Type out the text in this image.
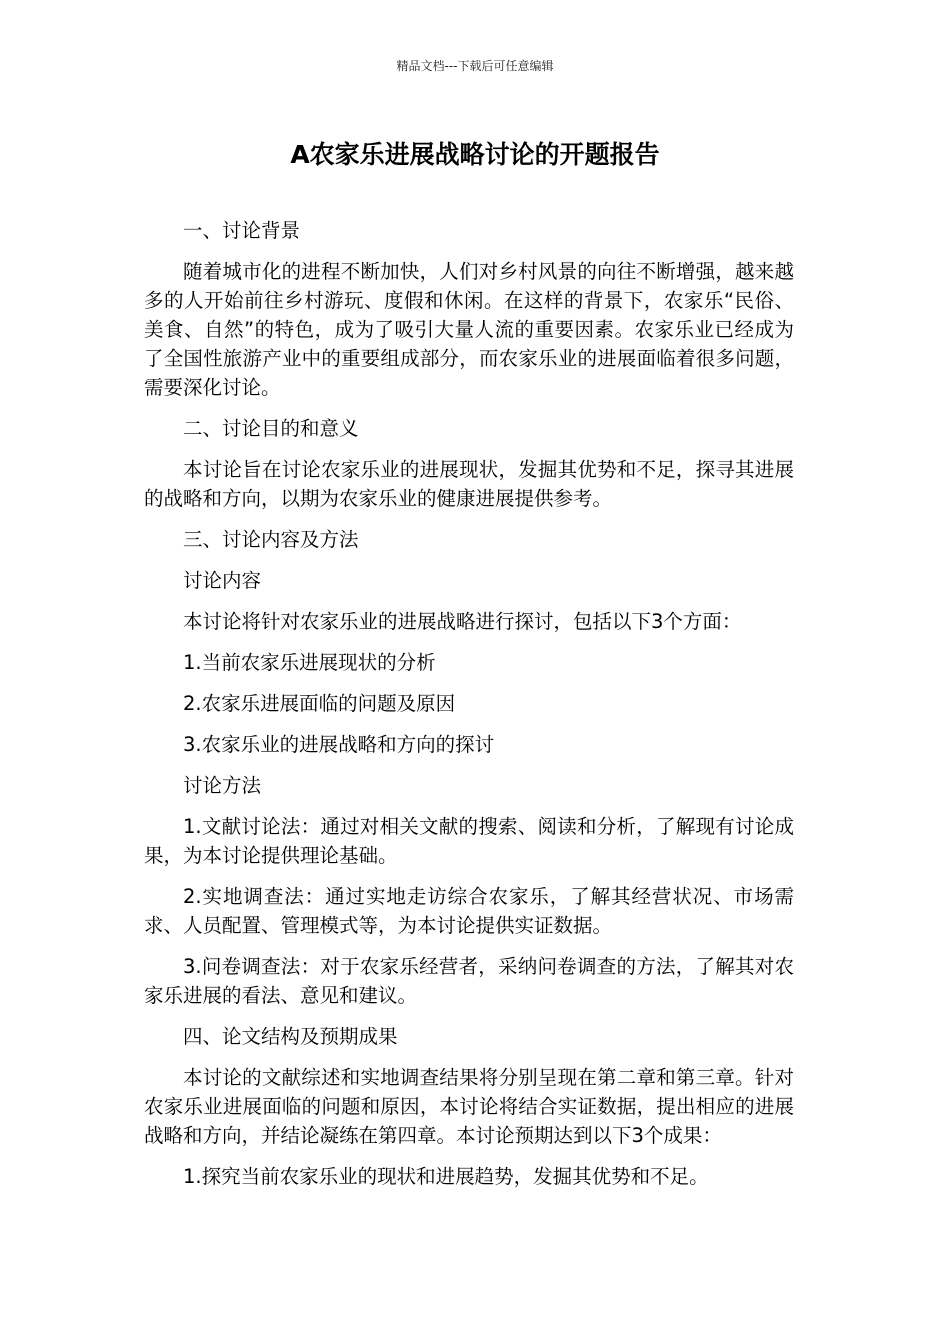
精品文档---下载后可任意编辑
A农家乐进展战略讨论的开题报告

一、讨论背景

随着城市化的进程不断加快，人们对乡村风景的向往不断增强，越来越多的人开始前往乡村游玩、度假和休闲。在这样的背景下，农家乐“民俗、美食、自然”的特色，成为了吸引大量人流的重要因素。农家乐业已经成为了全国性旅游产业中的重要组成部分，而农家乐业的进展面临着很多问题，需要深化讨论。

二、讨论目的和意义

本讨论旨在讨论农家乐业的进展现状，发掘其优势和不足，探寻其进展的战略和方向，以期为农家乐业的健康进展提供参考。

三、讨论内容及方法

讨论内容

本讨论将针对农家乐业的进展战略进行探讨，包括以下3个方面：

1.当前农家乐进展现状的分析

2.农家乐进展面临的问题及原因

3.农家乐业的进展战略和方向的探讨

讨论方法

1.文献讨论法：通过对相关文献的搜索、阅读和分析，了解现有讨论成果，为本讨论提供理论基础。

2.实地调查法：通过实地走访综合农家乐，了解其经营状况、市场需求、人员配置、管理模式等，为本讨论提供实证数据。

3.问卷调查法：对于农家乐经营者，采纳问卷调查的方法，了解其对农家乐进展的看法、意见和建议。

四、论文结构及预期成果

本讨论的文献综述和实地调查结果将分别呈现在第二章和第三章。针对农家乐业进展面临的问题和原因，本讨论将结合实证数据，提出相应的进展战略和方向，并结论凝练在第四章。本讨论预期达到以下3个成果：

1.探究当前农家乐业的现状和进展趋势，发掘其优势和不足。
